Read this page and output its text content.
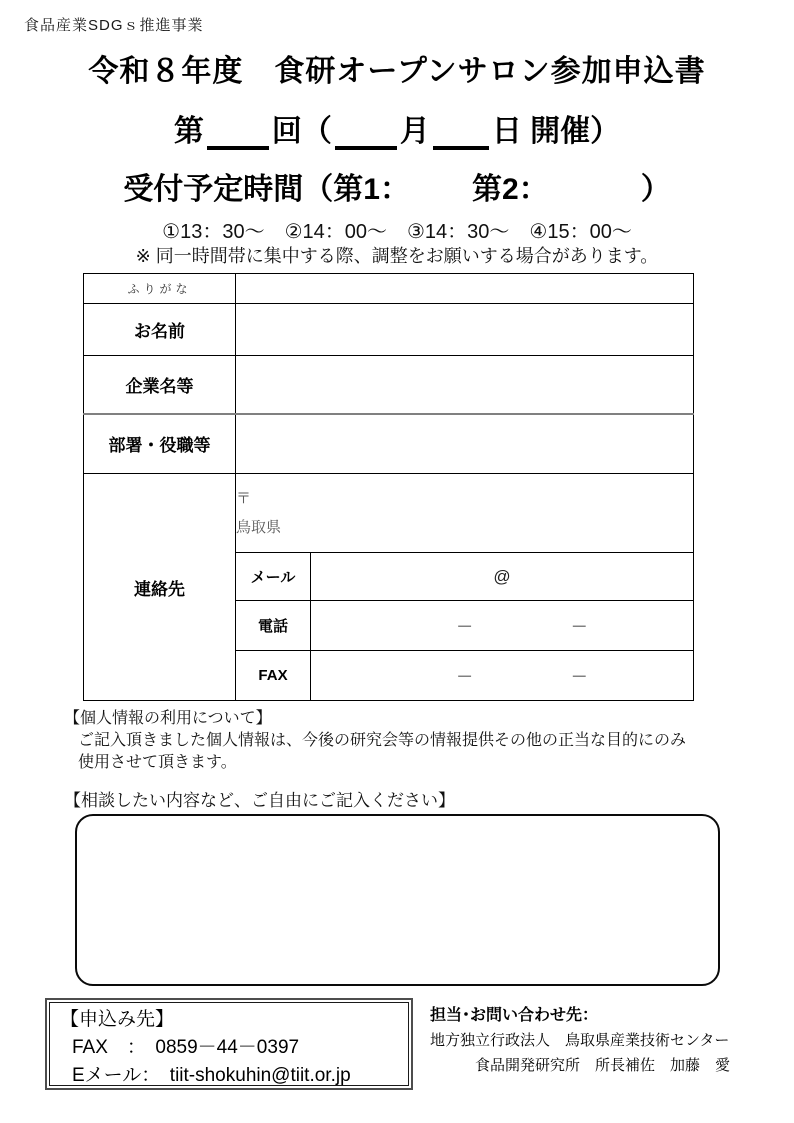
食品産業SDGｓ推進事業
令和８年度　食研オープンサロン参加申込書
第 回（ 月 日 開催）
受付予定時間（第1： 第2：	）
①13：30～　②14：00～　③14：30～　④15：00～
※ 同一時間帯に集中する際、調整をお願いする場合があります。
ふりがな		
お名前		
企業名等		
部署・役職等		
連絡先	〒
鳥取県	
	メール	@
	電話	－ －

	FAX	－ －
【個人情報の利用について】
ご記入頂きました個人情報は、今後の研究会等の情報提供その他の正当な目的にのみ
使用させて頂きます。
【相談したい内容など、ご自由にご記入ください】
【申込み先】
FAX　：　0859－44－0397
Eメール：　tiit-shokuhin@tiit.or.jp
担当･お問い合わせ先：
地方独立行政法人　鳥取県産業技術センター
食品開発研究所　所長補佐　加藤　愛
